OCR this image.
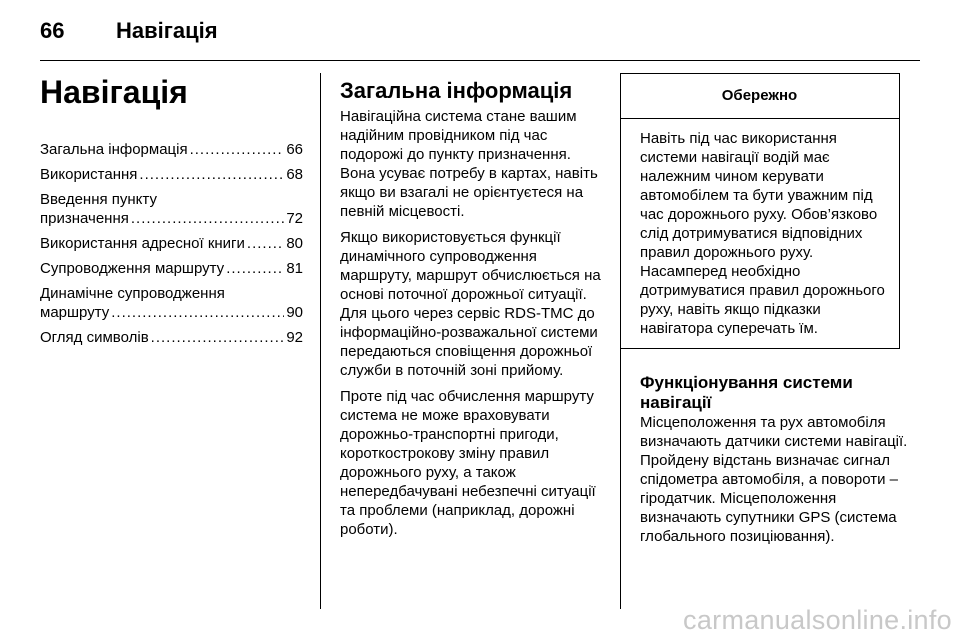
66 Навігація
Навігація
Загальна інформація .....	66
Використання .....	68
Введення пункту
призначення .....	72
Використання адресної книги .....	80
Супроводження маршруту .....	81
Динамічне супроводження
маршруту .....	90
Огляд символів .....	92
Загальна інформація

Навігаційна система стане вашим надійним провідником під час подорожі до пункту призначення. Вона усуває потребу в картах, навіть якщо ви взагалі не орієнтуєтеся на певній місцевості.

Якщо використовується функції динамічного супроводження маршруту, маршрут обчислюється на основі поточної дорожньої ситуації. Для цього через сервіс RDS-TMC до інформаційно-розважальної системи передаються сповіщення дорожньої служби в поточній зоні прийому.

Проте під час обчислення маршруту система не може враховувати дорожньо-транспортні пригоди, короткострокову зміну правил дорожнього руху, а також непередбачувані небезпечні ситуації та проблеми (наприклад, дорожні роботи).

Обережно
Навіть під час використання системи навігації водій має належним чином керувати автомобілем та бути уважним під час дорожнього руху. Обов’язково слід дотримуватися відповідних правил дорожнього руху. Насамперед необхідно дотримуватися правил дорожнього руху, навіть якщо підказки навігатора суперечать їм.
Функціонування системи навігації

Місцеположення та рух автомобіля визначають датчики системи навігації. Пройдену відстань визначає сигнал спідометра автомобіля, а повороти – гіродатчик. Місцеположення визначають супутники GPS (система глобального позиціювання).

carmanualsonline.info
